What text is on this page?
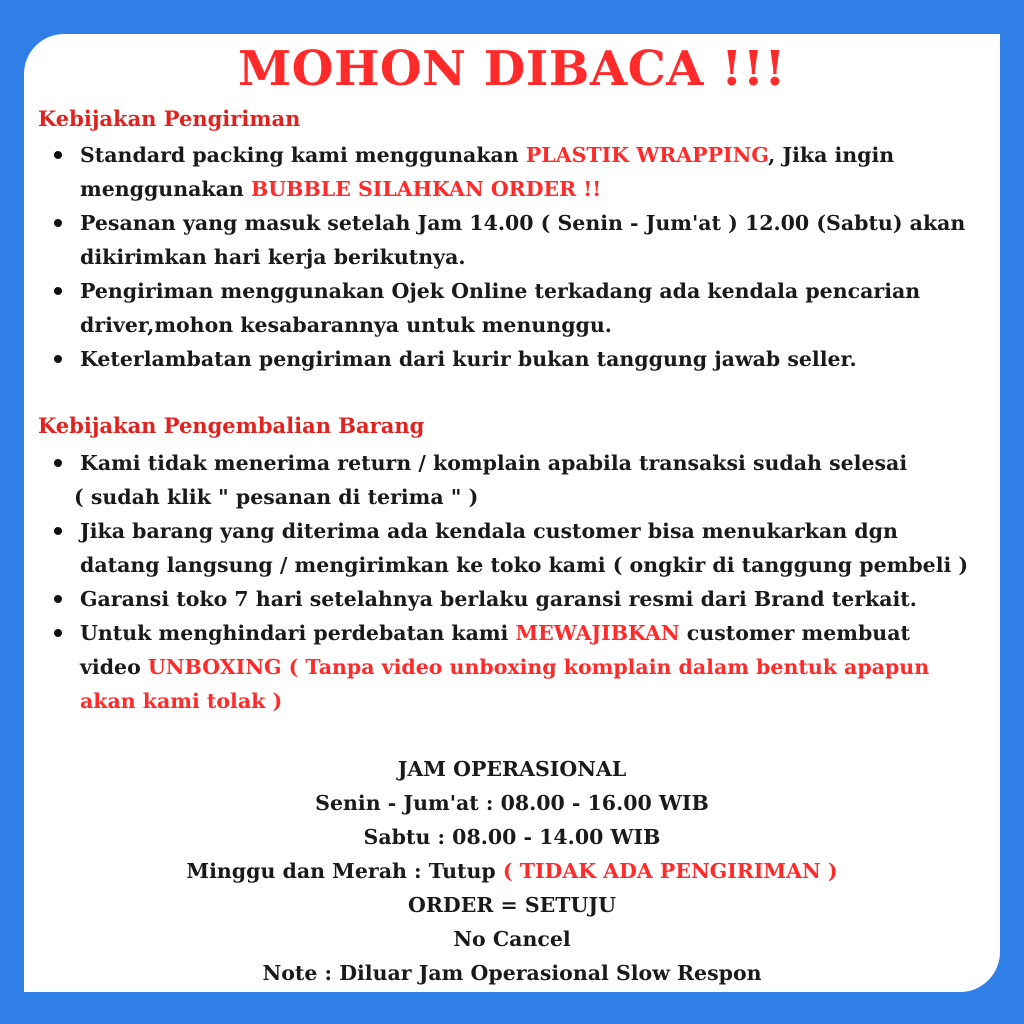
MOHON DIBACA !!!
Kebijakan Pengiriman
Standard packing kami menggunakan PLASTIK WRAPPING, Jika ingin
menggunakan BUBBLE SILAHKAN ORDER !!
Pesanan yang masuk setelah Jam 14.00 ( Senin - Jum'at ) 12.00 (Sabtu) akan
dikirimkan hari kerja berikutnya.
Pengiriman menggunakan Ojek Online terkadang ada kendala pencarian
driver,mohon kesabarannya untuk menunggu.
Keterlambatan pengiriman dari kurir bukan tanggung jawab seller.
Kebijakan Pengembalian Barang
Kami tidak menerima return / komplain apabila transaksi sudah selesai
( sudah klik " pesanan di terima " )
Jika barang yang diterima ada kendala customer bisa menukarkan dgn
datang langsung / mengirimkan ke toko kami ( ongkir di tanggung pembeli )
Garansi toko 7 hari setelahnya berlaku garansi resmi dari Brand terkait.
Untuk menghindari perdebatan kami MEWAJIBKAN customer membuat
video UNBOXING ( Tanpa video unboxing komplain dalam bentuk apapun
akan kami tolak )
JAM OPERASIONAL
Senin - Jum'at : 08.00 - 16.00 WIB
Sabtu : 08.00 - 14.00 WIB
Minggu dan Merah : Tutup ( TIDAK ADA PENGIRIMAN )
ORDER = SETUJU
No Cancel
Note : Diluar Jam Operasional Slow Respon
